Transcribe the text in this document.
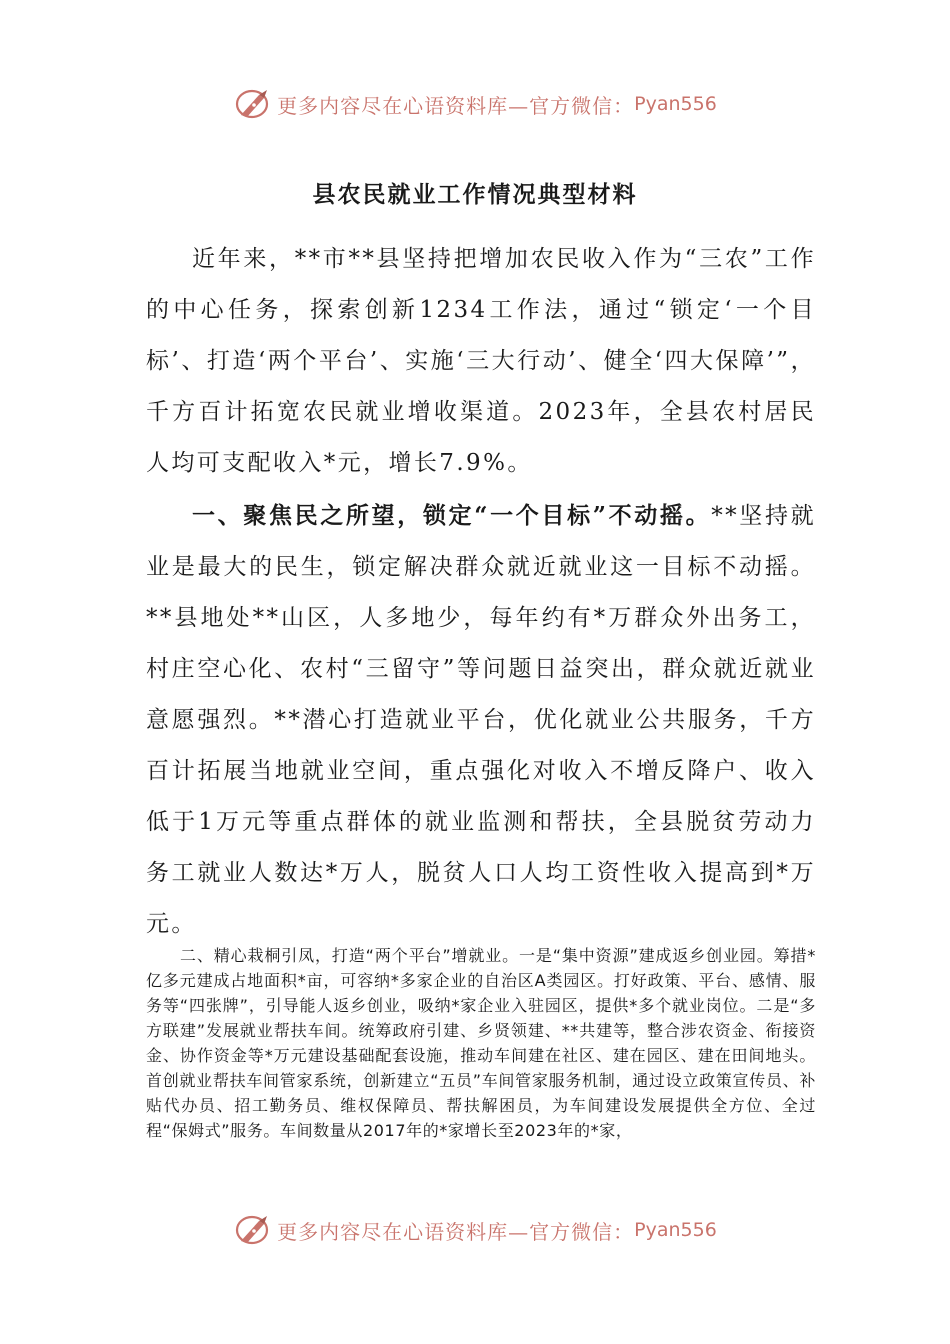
更多内容尽在心语资料库—官方微信： Pyan556
县农民就业工作情况典型材料

近年来，**市**县坚持把增加农民收入作为“三农”工作的中心任务，探索创新1234工作法，通过“锁定‘一个目标’、打造‘两个平台’、实施‘三大行动’、健全‘四大保障’”，千方百计拓宽农民就业增收渠道。2023年，全县农村居民人均可支配收入*元，增长7.9%。

一、聚焦民之所望，锁定“一个目标”不动摇。**坚持就业是最大的民生，锁定解决群众就近就业这一目标不动摇。**县地处**山区，人多地少，每年约有*万群众外出务工，村庄空心化、农村“三留守”等问题日益突出，群众就近就业意愿强烈。**潜心打造就业平台，优化就业公共服务，千方百计拓展当地就业空间，重点强化对收入不增反降户、收入低于1万元等重点群体的就业监测和帮扶，全县脱贫劳动力务工就业人数达*万人，脱贫人口人均工资性收入提高到*万元。

二、精心栽桐引凤，打造“两个平台”增就业。一是“集中资源”建成返乡创业园。筹措*亿多元建成占地面积*亩，可容纳*多家企业的自治区A类园区。打好政策、平台、感情、服务等“四张牌”，引导能人返乡创业，吸纳*家企业入驻园区，提供*多个就业岗位。二是“多方联建”发展就业帮扶车间。统筹政府引建、乡贤领建、**共建等，整合涉农资金、衔接资金、协作资金等*万元建设基础配套设施，推动车间建在社区、建在园区、建在田间地头。首创就业帮扶车间管家系统，创新建立“五员”车间管家服务机制，通过设立政策宣传员、补贴代办员、招工勤务员、维权保障员、帮扶解困员，为车间建设发展提供全方位、全过程“保姆式”服务。车间数量从2017年的*家增长至2023年的*家，

更多内容尽在心语资料库—官方微信： Pyan556
